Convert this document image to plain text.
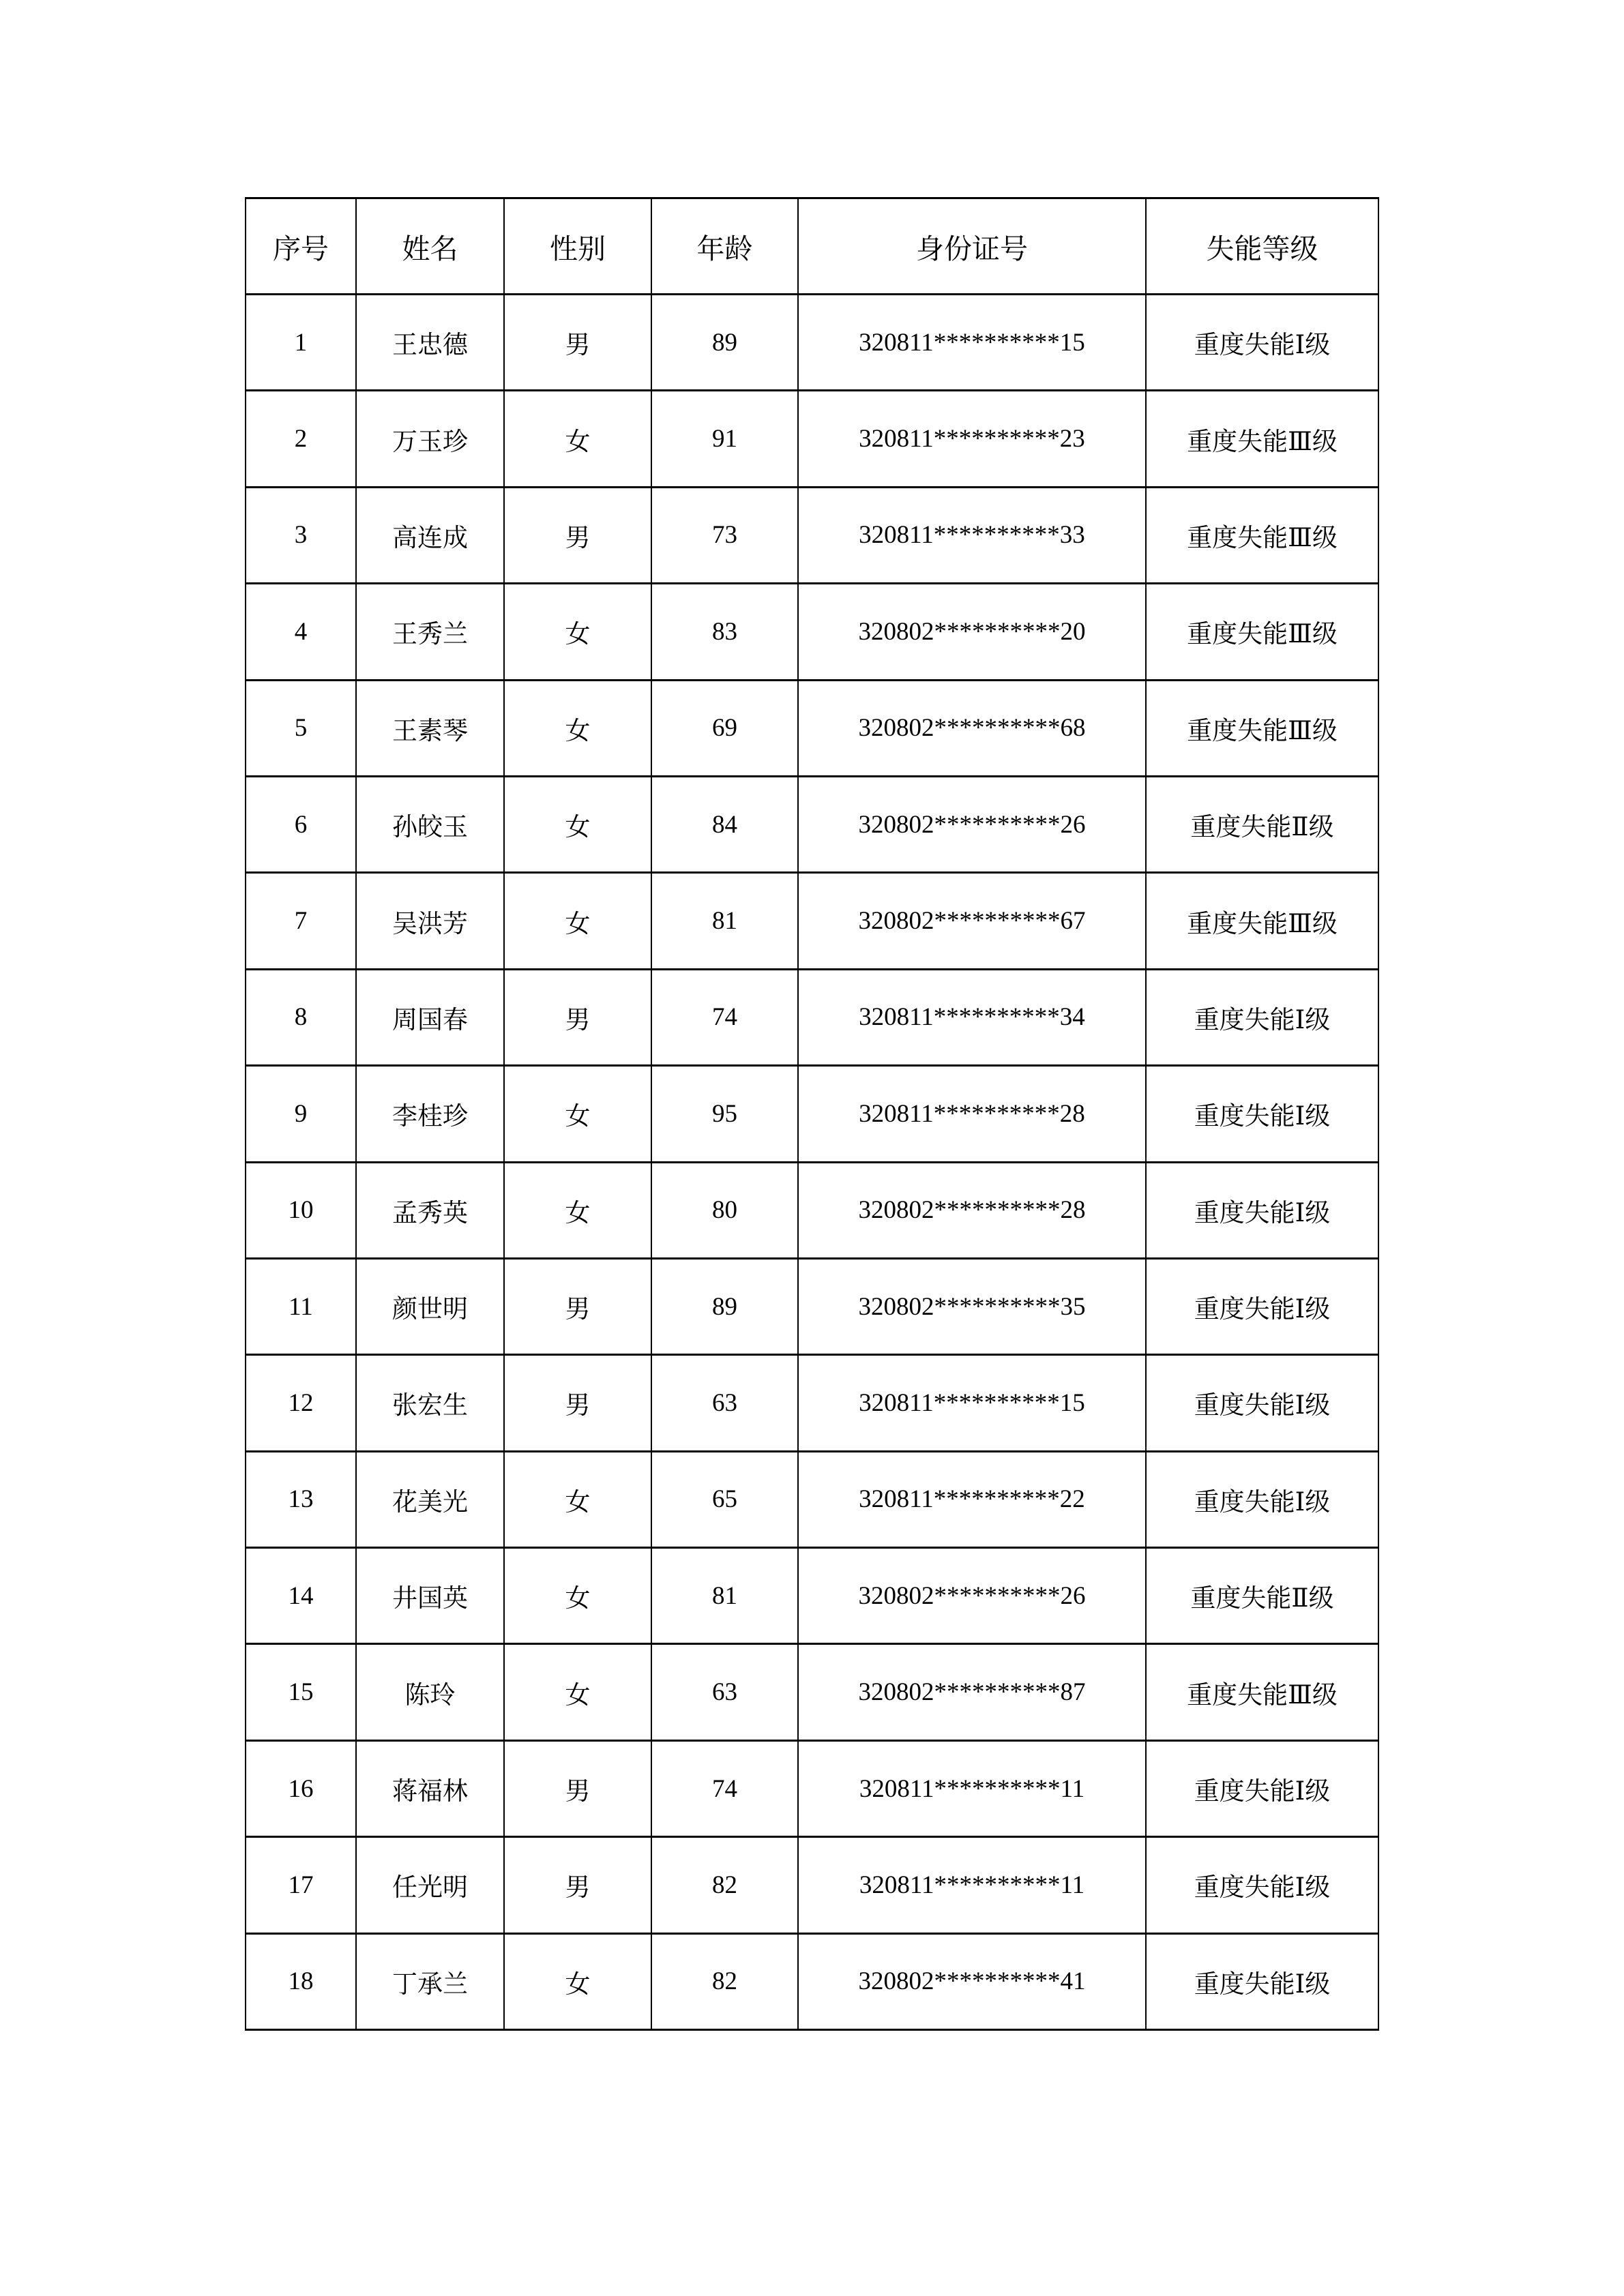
序号	姓名	性别	年龄	身份证号	失能等级
1	王忠德	男	89	320811**********15	重度失能Ⅰ级
2	万玉珍	女	91	320811**********23	重度失能Ⅲ级
3	高连成	男	73	320811**********33	重度失能Ⅲ级
4	王秀兰	女	83	320802**********20	重度失能Ⅲ级
5	王素琴	女	69	320802**********68	重度失能Ⅲ级
6	孙皎玉	女	84	320802**********26	重度失能Ⅱ级
7	吴洪芳	女	81	320802**********67	重度失能Ⅲ级
8	周国春	男	74	320811**********34	重度失能Ⅰ级
9	李桂珍	女	95	320811**********28	重度失能Ⅰ级
10	孟秀英	女	80	320802**********28	重度失能Ⅰ级
11	颜世明	男	89	320802**********35	重度失能Ⅰ级
12	张宏生	男	63	320811**********15	重度失能Ⅰ级
13	花美光	女	65	320811**********22	重度失能Ⅰ级
14	井国英	女	81	320802**********26	重度失能Ⅱ级
15	陈玲	女	63	320802**********87	重度失能Ⅲ级
16	蒋福林	男	74	320811**********11	重度失能Ⅰ级
17	任光明	男	82	320811**********11	重度失能Ⅰ级
18	丁承兰	女	82	320802**********41	重度失能Ⅰ级
